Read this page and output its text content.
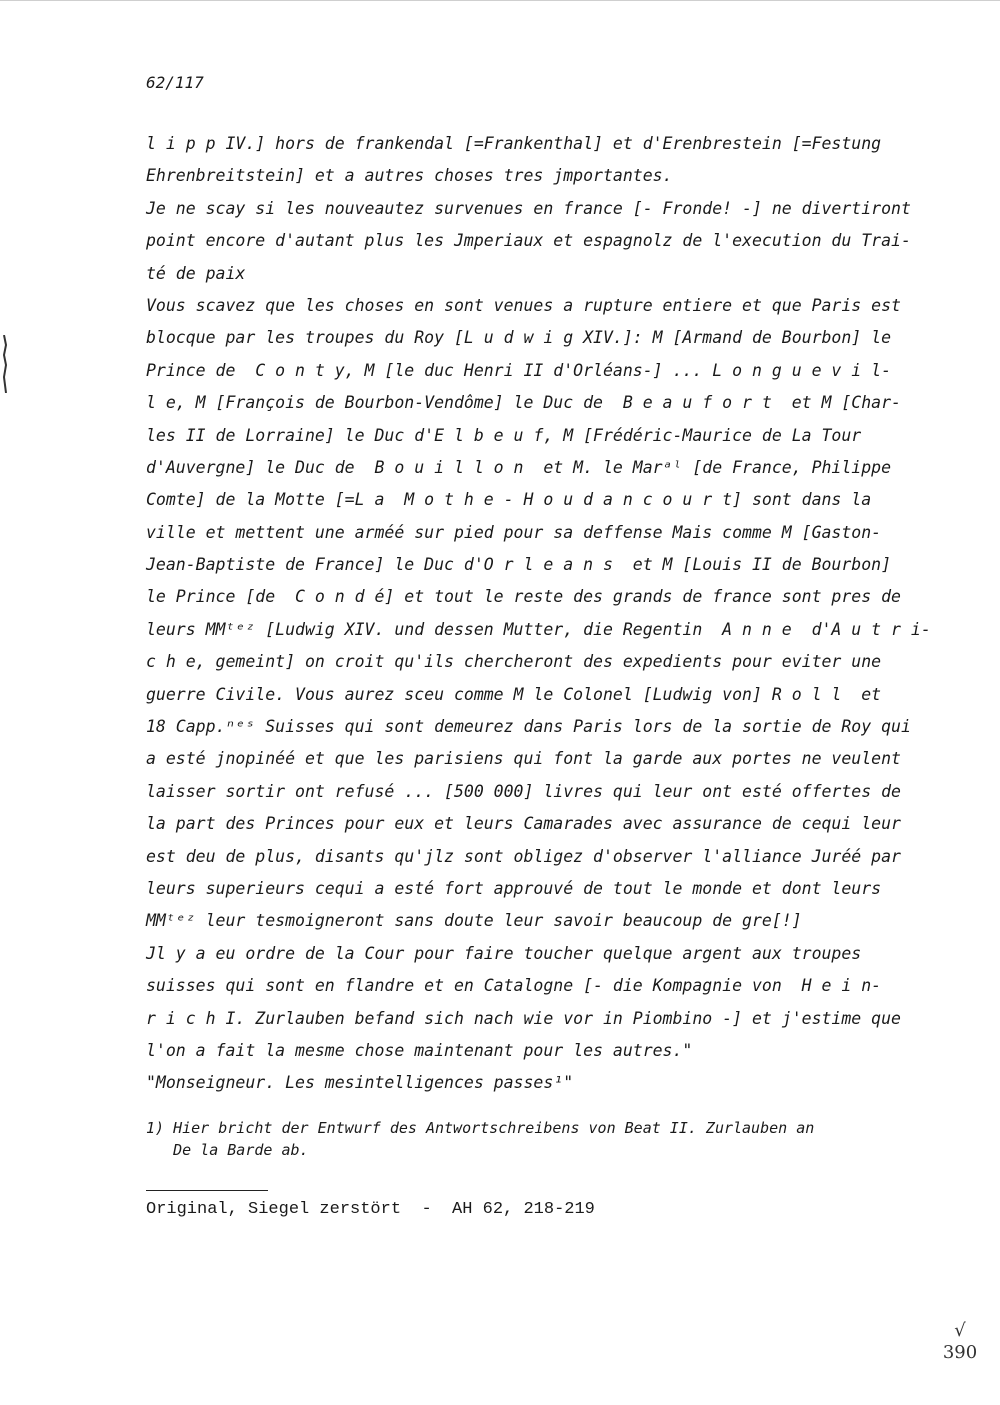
62/117
l i p p IV.] hors de frankendal [=Frankenthal] et d'Erenbrestein [=Festung
Ehrenbreitstein] et a autres choses tres jmportantes.
Je ne scay si les nouveautez survenues en france [- Fronde! -] ne divertiront
point encore d'autant plus les Jmperiaux et espagnolz de l'execution du Trai-
té de paix
Vous scavez que les choses en sont venues a rupture entiere et que Paris est
blocque par les troupes du Roy [L u d w i g XIV.]: M [Armand de Bourbon] le
Prince de  C o n t y, M [le duc Henri II d'Orléans-] ... L o n g u e v i l-
l e, M [François de Bourbon-Vendôme] le Duc de  B e a u f o r t  et M [Char-
les II de Lorraine] le Duc d'E l b e u f, M [Frédéric-Maurice de La Tour
d'Auvergne] le Duc de  B o u i l l o n  et M. le Marᵃˡ [de France, Philippe
Comte] de la Motte [=L a  M o t h e - H o u d a n c o u r t] sont dans la
ville et mettent une arméé sur pied pour sa deffense Mais comme M [Gaston-
Jean-Baptiste de France] le Duc d'O r l e a n s  et M [Louis II de Bourbon]
le Prince [de  C o n d é] et tout le reste des grands de france sont pres de
leurs MMᵗᵉᶻ [Ludwig XIV. und dessen Mutter, die Regentin  A n n e  d'A u t r i-
c h e, gemeint] on croit qu'ils chercheront des expedients pour eviter une
guerre Civile. Vous aurez sceu comme M le Colonel [Ludwig von] R o l l  et
18 Capp.ⁿᵉˢ Suisses qui sont demeurez dans Paris lors de la sortie de Roy qui
a esté jnopinéé et que les parisiens qui font la garde aux portes ne veulent
laisser sortir ont refusé ... [500 000] livres qui leur ont esté offertes de
la part des Princes pour eux et leurs Camarades avec assurance de cequi leur
est deu de plus, disants qu'jlz sont obligez d'observer l'alliance Juréé par
leurs superieurs cequi a esté fort approuvé de tout le monde et dont leurs
MMᵗᵉᶻ leur tesmoigneront sans doute leur savoir beaucoup de gre[!]
Jl y a eu ordre de la Cour pour faire toucher quelque argent aux troupes
suisses qui sont en flandre et en Catalogne [- die Kompagnie von  H e i n-
r i c h I. Zurlauben befand sich nach wie vor in Piombino -] et j'estime que
l'on a fait la mesme chose maintenant pour les autres."
"Monseigneur. Les mesintelligences passes¹"
1) Hier bricht der Entwurf des Antwortschreibens von Beat II. Zurlauben an
De la Barde ab.
Original, Siegel zerstört  -  AH 62, 218-219
√
390
